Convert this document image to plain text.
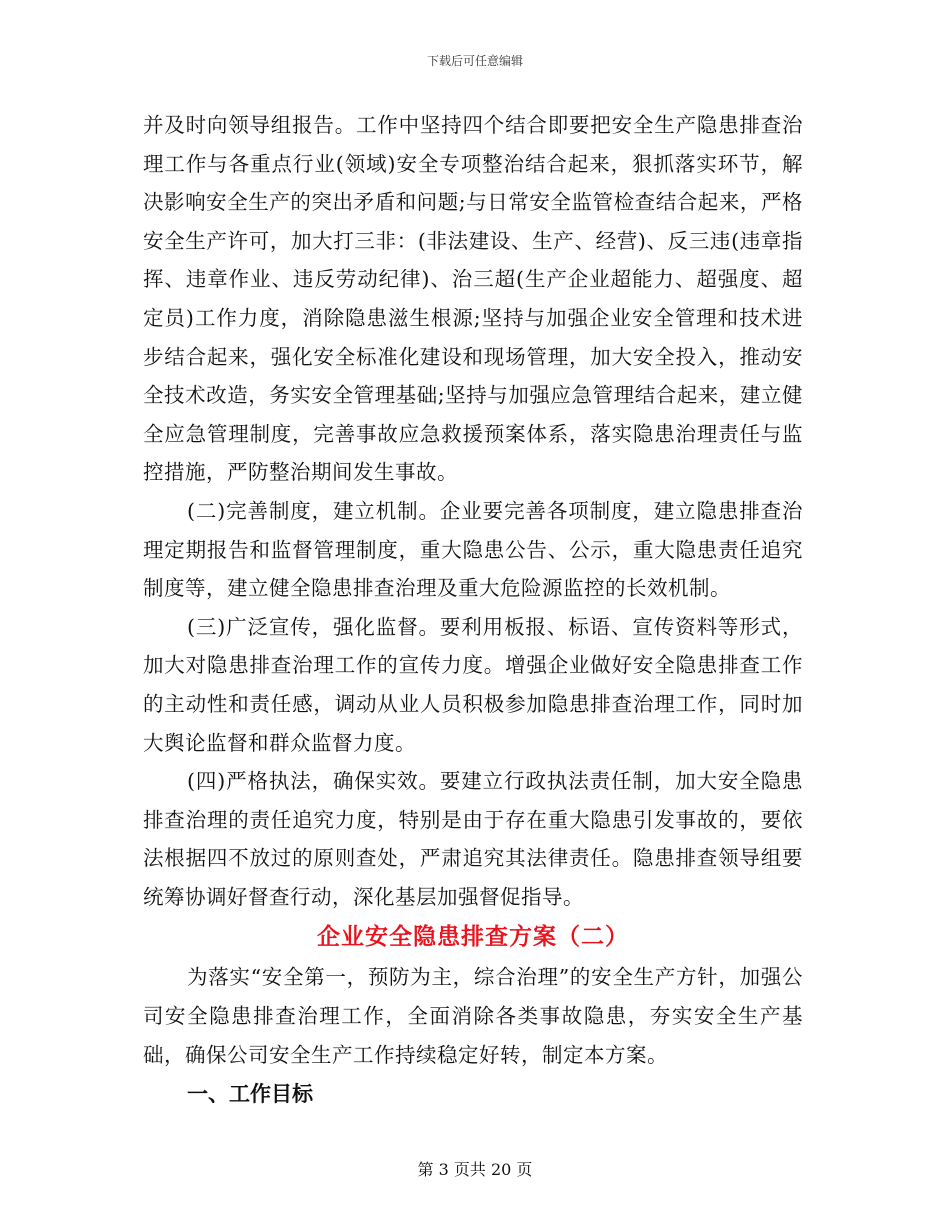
下载后可任意编辑

并及时向领导组报告。工作中坚持四个结合即要把安全生产隐患排查治理工作与各重点行业(领域)安全专项整治结合起来，狠抓落实环节，解决影响安全生产的突出矛盾和问题;与日常安全监管检查结合起来，严格安全生产许可，加大打三非：(非法建设、生产、经营)、反三违(违章指挥、违章作业、违反劳动纪律)、治三超(生产企业超能力、超强度、超定员)工作力度，消除隐患滋生根源;坚持与加强企业安全管理和技术进步结合起来，强化安全标准化建设和现场管理，加大安全投入，推动安全技术改造，务实安全管理基础;坚持与加强应急管理结合起来，建立健全应急管理制度，完善事故应急救援预案体系，落实隐患治理责任与监控措施，严防整治期间发生事故。

(二)完善制度，建立机制。企业要完善各项制度，建立隐患排查治理定期报告和监督管理制度，重大隐患公告、公示，重大隐患责任追究制度等，建立健全隐患排查治理及重大危险源监控的长效机制。

(三)广泛宣传，强化监督。要利用板报、标语、宣传资料等形式，加大对隐患排查治理工作的宣传力度。增强企业做好安全隐患排查工作的主动性和责任感，调动从业人员积极参加隐患排查治理工作，同时加大舆论监督和群众监督力度。

(四)严格执法，确保实效。要建立行政执法责任制，加大安全隐患排查治理的责任追究力度，特别是由于存在重大隐患引发事故的，要依法根据四不放过的原则查处，严肃追究其法律责任。隐患排查领导组要统筹协调好督查行动，深化基层加强督促指导。

企业安全隐患排查方案（二）

为落实“安全第一，预防为主，综合治理”的安全生产方针，加强公司安全隐患排查治理工作，全面消除各类事故隐患，夯实安全生产基础，确保公司安全生产工作持续稳定好转，制定本方案。

一、工作目标
第 3 页共 20 页
